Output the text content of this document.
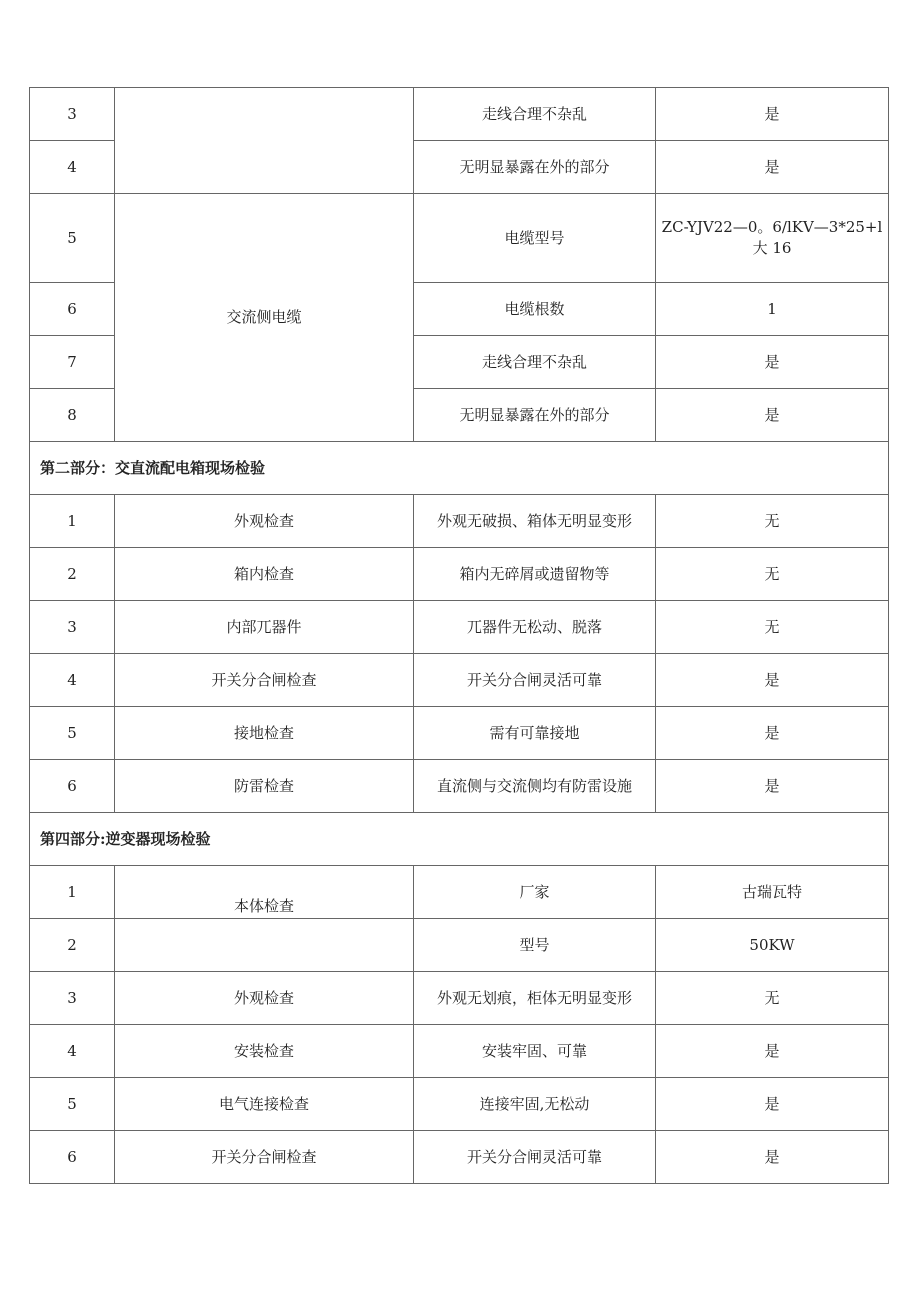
3		走线合理不杂乱	是
4		无明显暴露在外的部分	是
5	交流侧电缆	电缆型号	ZC-YJV22—0。6/lKV—3*25+l
大 16

6		电缆根数	1
7		走线合理不杂乱	是
8		无明显暴露在外的部分	是
第二部分：交直流配电箱现场检验			
1	外观检查	外观无破损、箱体无明显变形	无
2	箱内检查	箱内无碎屑或遗留物等	无
3	内部兀器件	兀器件无松动、脱落	无
4	开关分合闸检查	开关分合闸灵活可靠	是
5	接地检查	需有可靠接地	是
6	防雷检查	直流侧与交流侧均有防雷设施	是
第四部分:逆变器现场检验			
1	本体检查	厂家	古瑞瓦特
2		型号	50KW
3	外观检查	外观无划痕，柜体无明显变形	无
4	安装检查	安装牢固、可靠	是
5	电气连接检查	连接牢固,无松动	是
6	开关分合闸检查	开关分合闸灵活可靠	是
